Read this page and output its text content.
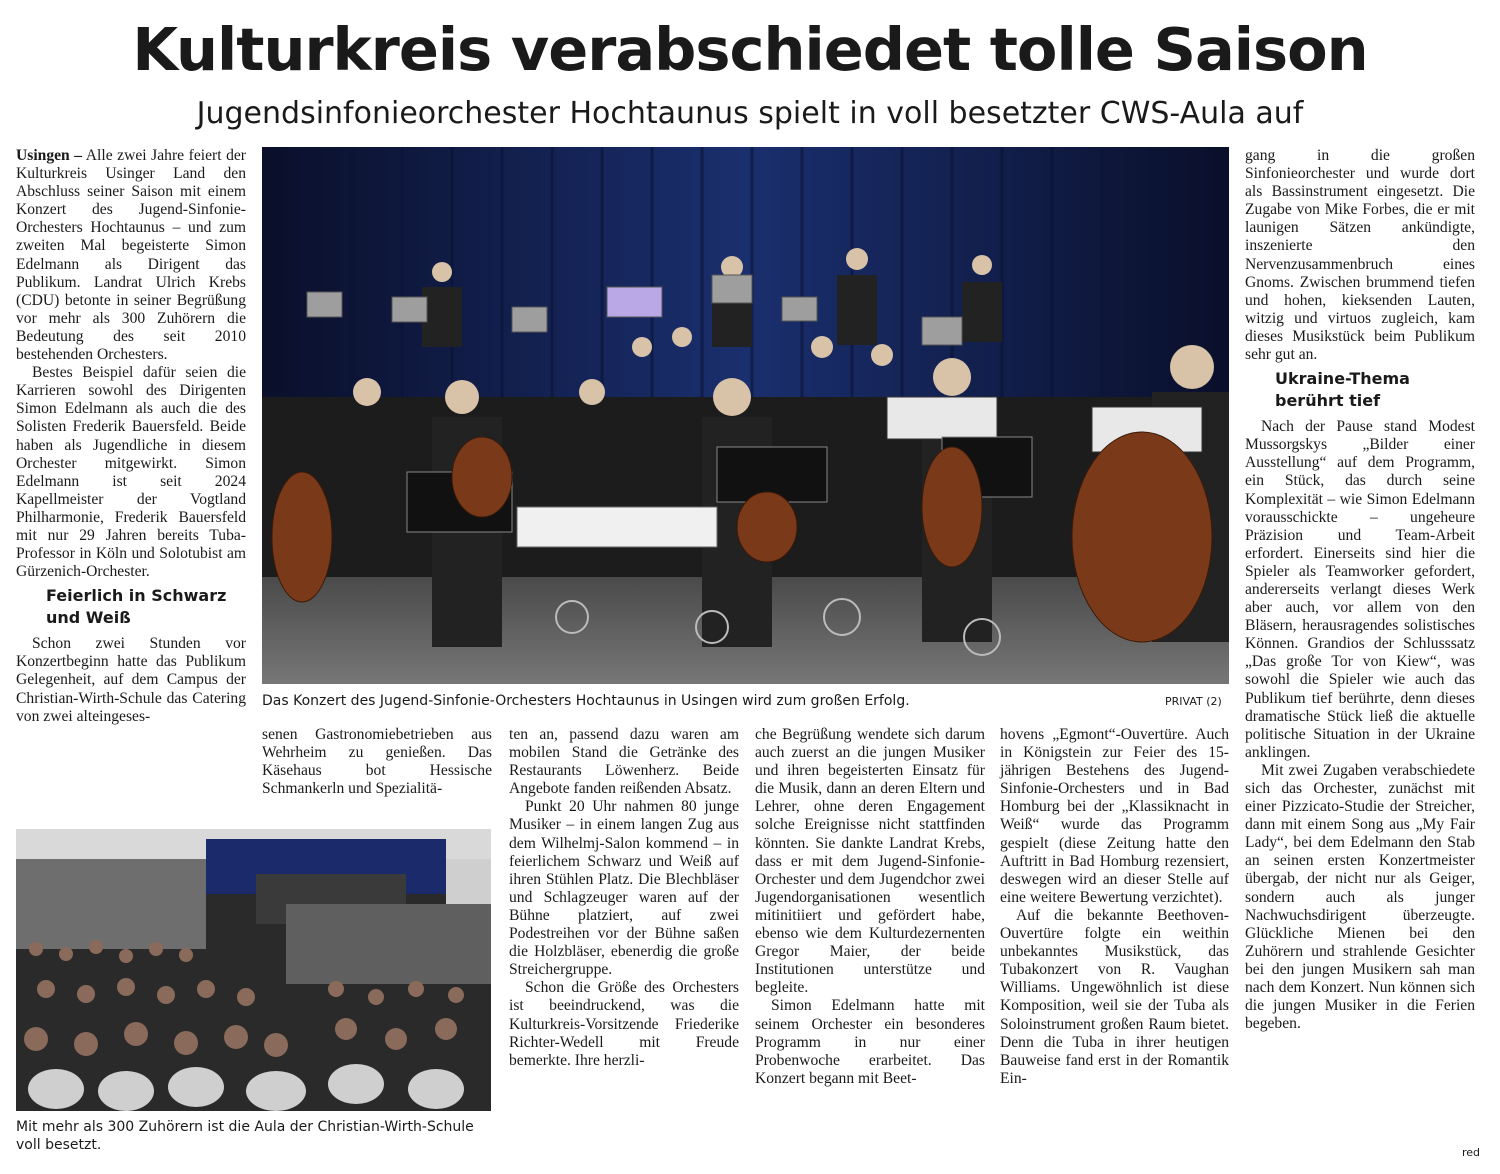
Kulturkreis verabschiedet tolle Saison
Jugendsinfonieorchester Hochtaunus spielt in voll besetzter CWS-Aula auf

Usingen – Alle zwei Jahre feiert der Kulturkreis Usinger Land den Abschluss seiner Saison mit einem Konzert des Jugend-Sinfonie-Orchesters Hochtaunus – und zum zweiten Mal begeisterte Simon Edelmann als Dirigent das Publikum. Landrat Ulrich Krebs (CDU) betonte in seiner Begrüßung vor mehr als 300 Zuhörern die Bedeutung des seit 2010 bestehenden Orchesters.

Bestes Beispiel dafür seien die Karrieren sowohl des Dirigenten Simon Edelmann als auch die des Solisten Frederik Bauersfeld. Beide haben als Jugendliche in diesem Orchester mitgewirkt. Simon Edelmann ist seit 2024 Kapellmeister der Vogtland Philharmonie, Frederik Bauersfeld mit nur 29 Jahren bereits Tuba-Professor in Köln und Solotubist am Gürzenich-Orchester.

Feierlich in Schwarz und Weiß

Schon zwei Stunden vor Konzertbeginn hatte das Publikum Gelegenheit, auf dem Campus der Christian-Wirth-Schule das Catering von zwei alteingeses-

Das Konzert des Jugend-Sinfonie-Orchesters Hochtaunus in Usingen wird zum großen Erfolg.	PRIVAT (2)
Mit mehr als 300 Zuhörern ist die Aula der Christian-Wirth-Schule voll besetzt.

senen Gastronomiebetrieben aus Wehrheim zu genießen. Das Käsehaus bot Hessische Schmankerln und Spezialitä-

ten an, passend dazu waren am mobilen Stand die Getränke des Restaurants Löwenherz. Beide Angebote fanden reißenden Absatz.

Punkt 20 Uhr nahmen 80 junge Musiker – in einem langen Zug aus dem Wilhelmj-Salon kommend – in feierlichem Schwarz und Weiß auf ihren Stühlen Platz. Die Blechbläser und Schlagzeuger waren auf der Bühne platziert, auf zwei Podestreihen vor der Bühne saßen die Holzbläser, ebenerdig die große Streichergruppe.

Schon die Größe des Orchesters ist beeindruckend, was die Kulturkreis-Vorsitzende Friederike Richter-Wedell mit Freude bemerkte. Ihre herzli-

che Begrüßung wendete sich darum auch zuerst an die jungen Musiker und ihren begeisterten Einsatz für die Musik, dann an deren Eltern und Lehrer, ohne deren Engagement solche Ereignisse nicht stattfinden könnten. Sie dankte Landrat Krebs, dass er mit dem Jugend-Sinfonie-Orchester und dem Jugendchor zwei Jugendorganisationen wesentlich mitinitiiert und gefördert habe, ebenso wie dem Kulturdezernenten Gregor Maier, der beide Institutionen unterstütze und begleite.

Simon Edelmann hatte mit seinem Orchester ein besonderes Programm in nur einer Probenwoche erarbeitet. Das Konzert begann mit Beet-

hovens „Egmont“-Ouvertüre. Auch in Königstein zur Feier des 15-jährigen Bestehens des Jugend-Sinfonie-Orchesters und in Bad Homburg bei der „Klassiknacht in Weiß“ wurde das Programm gespielt (diese Zeitung hatte den Auftritt in Bad Homburg rezensiert, deswegen wird an dieser Stelle auf eine weitere Bewertung verzichtet).

Auf die bekannte Beethoven-Ouvertüre folgte ein weithin unbekanntes Musikstück, das Tubakonzert von R. Vaughan Williams. Ungewöhnlich ist diese Komposition, weil sie der Tuba als Soloinstrument großen Raum bietet. Denn die Tuba in ihrer heutigen Bauweise fand erst in der Romantik Ein-

gang in die großen Sinfonieorchester und wurde dort als Bassinstrument eingesetzt. Die Zugabe von Mike Forbes, die er mit launigen Sätzen ankündigte, inszenierte den Nervenzusammenbruch eines Gnoms. Zwischen brummend tiefen und hohen, kieksenden Lauten, witzig und virtuos zugleich, kam dieses Musikstück beim Publikum sehr gut an.

Ukraine-Thema berührt tief

Nach der Pause stand Modest Mussorgskys „Bilder einer Ausstellung“ auf dem Programm, ein Stück, das durch seine Komplexität – wie Simon Edelmann vorausschickte – ungeheure Präzision und Team-Arbeit erfordert. Einerseits sind hier die Spieler als Teamworker gefordert, andererseits verlangt dieses Werk aber auch, vor allem von den Bläsern, herausragendes solistisches Können. Grandios der Schlusssatz „Das große Tor von Kiew“, was sowohl die Spieler wie auch das Publikum tief berührte, denn dieses dramatische Stück ließ die aktuelle politische Situation in der Ukraine anklingen.

Mit zwei Zugaben verabschiedete sich das Orchester, zunächst mit einer Pizzicato-Studie der Streicher, dann mit einem Song aus „My Fair Lady“, bei dem Edelmann den Stab an seinen ersten Konzertmeister übergab, der nicht nur als Geiger, sondern auch als junger Nachwuchsdirigent überzeugte. Glückliche Mienen bei den Zuhörern und strahlende Gesichter bei den jungen Musikern sah man nach dem Konzert. Nun können sich die jungen Musiker in die Ferien begeben.

red
